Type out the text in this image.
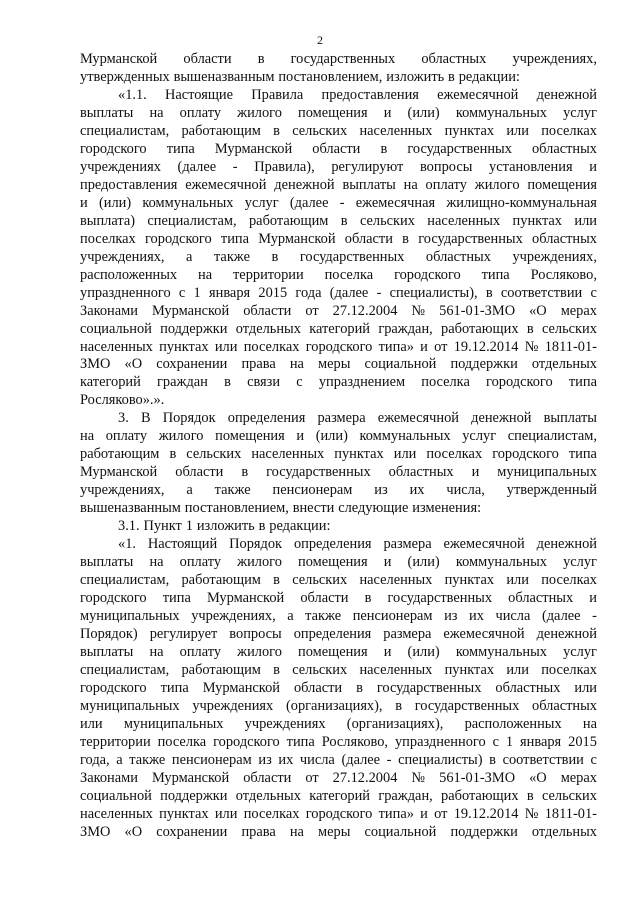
2
Мурманской области в государственных областных учреждениях,
утвержденных вышеназванным постановлением, изложить в редакции:
«1.1. Настоящие Правила предоставления ежемесячной денежной
выплаты на оплату жилого помещения и (или) коммунальных услуг
специалистам, работающим в сельских населенных пунктах или поселках
городского типа Мурманской области в государственных областных
учреждениях (далее - Правила), регулируют вопросы установления и
предоставления ежемесячной денежной выплаты на оплату жилого помещения
и (или) коммунальных услуг (далее - ежемесячная жилищно-коммунальная
выплата) специалистам, работающим в сельских населенных пунктах или
поселках городского типа Мурманской области в государственных областных
учреждениях, а также в государственных областных учреждениях,
расположенных на территории поселка городского типа Росляково,
упраздненного с 1 января 2015 года (далее - специалисты), в соответствии с
Законами Мурманской области от 27.12.2004 № 561-01-ЗМО «О мерах
социальной поддержки отдельных категорий граждан, работающих в сельских
населенных пунктах или поселках городского типа» и от 19.12.2014 № 1811-01-
ЗМО «О сохранении права на меры социальной поддержки отдельных
категорий граждан в связи с упразднением поселка городского типа
Росляково».».
3. В Порядок определения размера ежемесячной денежной выплаты
на оплату жилого помещения и (или) коммунальных услуг специалистам,
работающим в сельских населенных пунктах или поселках городского типа
Мурманской области в государственных областных и муниципальных
учреждениях, а также пенсионерам из их числа, утвержденный
вышеназванным постановлением, внести следующие изменения:
3.1. Пункт 1 изложить в редакции:
«1. Настоящий Порядок определения размера ежемесячной денежной
выплаты на оплату жилого помещения и (или) коммунальных услуг
специалистам, работающим в сельских населенных пунктах или поселках
городского типа Мурманской области в государственных областных и
муниципальных учреждениях, а также пенсионерам из их числа (далее -
Порядок) регулирует вопросы определения размера ежемесячной денежной
выплаты на оплату жилого помещения и (или) коммунальных услуг
специалистам, работающим в сельских населенных пунктах или поселках
городского типа Мурманской области в государственных областных или
муниципальных учреждениях (организациях), в государственных областных
или муниципальных учреждениях (организациях), расположенных на
территории поселка городского типа Росляково, упраздненного с 1 января 2015
года, а также пенсионерам из их числа (далее - специалисты) в соответствии с
Законами Мурманской области от 27.12.2004 № 561-01-ЗМО «О мерах
социальной поддержки отдельных категорий граждан, работающих в сельских
населенных пунктах или поселках городского типа» и от 19.12.2014 № 1811-01-
ЗМО «О сохранении права на меры социальной поддержки отдельных
